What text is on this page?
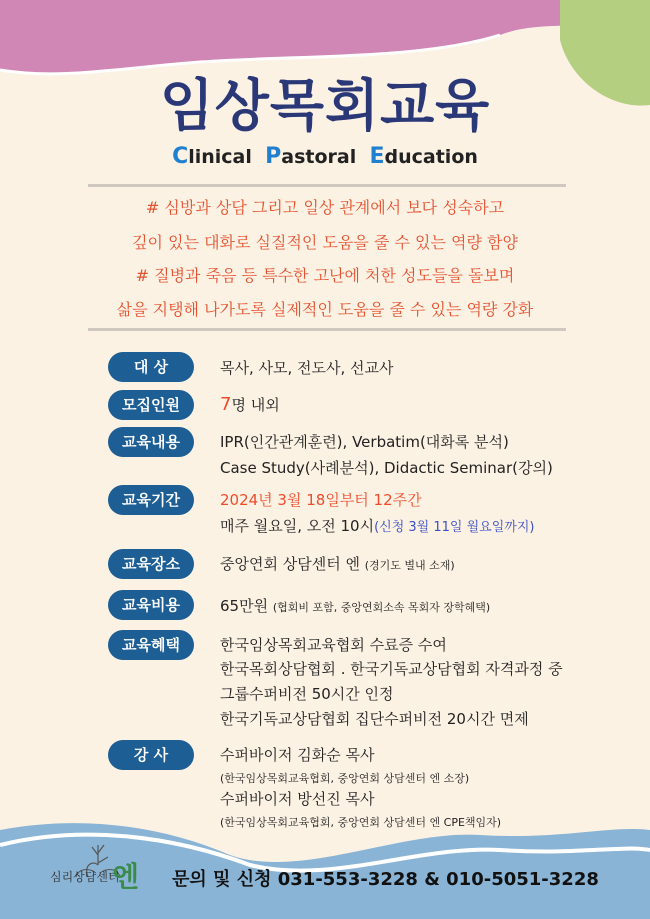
임상목회교육
Clinical Pastoral Education
# 심방과 상담 그리고 일상 관계에서 보다 성숙하고
깊이 있는 대화로 실질적인 도움을 줄 수 있는 역량 함양
# 질병과 죽음 등 특수한 고난에 처한 성도들을 돌보며
삶을 지탱해 나가도록 실제적인 도움을 줄 수 있는 역량 강화
대 상	목사, 사모, 전도사, 선교사
모집인원	7명 내외
교육내용	IPR(인간관계훈련), Verbatim(대화록 분석)
Case Study(사례분석), Didactic Seminar(강의)
교육기간	2024년 3월 18일부터 12주간
매주 월요일, 오전 10시(신청 3월 11일 월요일까지)
교육장소	중앙연회 상담센터 엔 (경기도 별내 소재)
교육비용	65만원 (협회비 포함, 중앙연회소속 목회자 장학혜택)
교육혜택	한국임상목회교육협회 수료증 수여
한국목회상담협회 . 한국기독교상담협회 자격과정 중
그룹수퍼비전 50시간 인정
한국기독교상담협회 집단수퍼비전 20시간 면제
강 사	수퍼바이저 김화순 목사
(한국임상목회교육협회, 중앙연회 상담센터 엔 소장)
수퍼바이저 방선진 목사
(한국임상목회교육협회, 중앙연회 상담센터 엔 CPE책임자)
심리상담센터
엔 문의 및 신청 031-553-3228 & 010-5051-3228
